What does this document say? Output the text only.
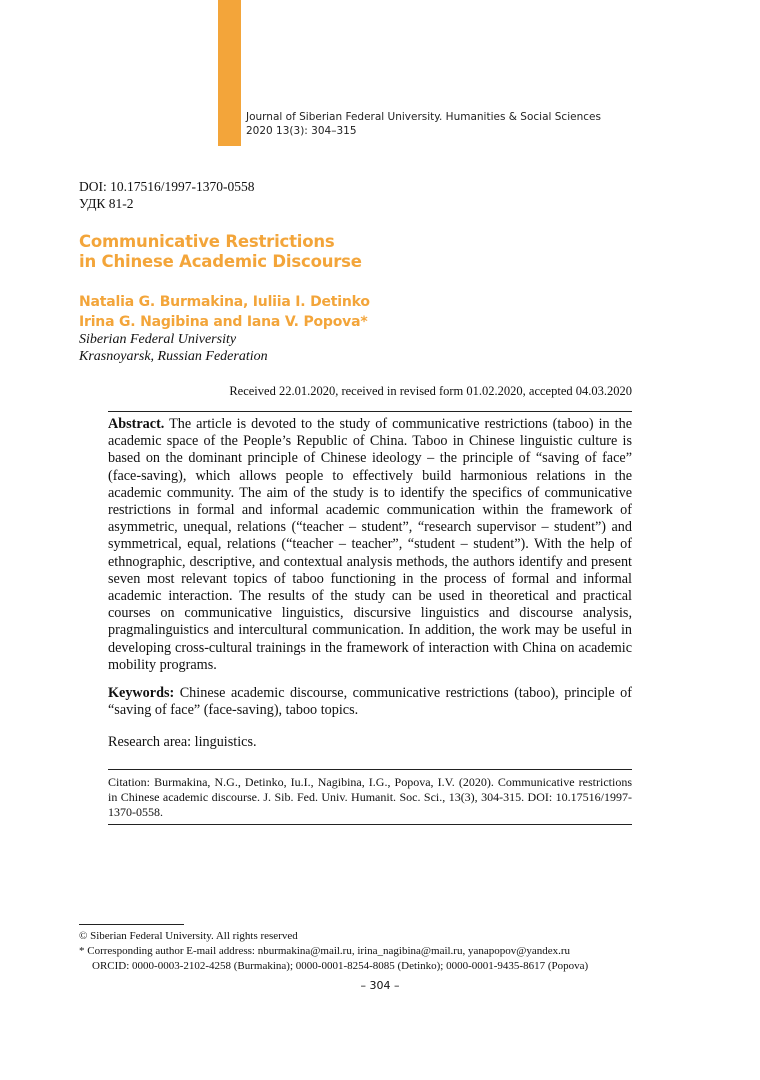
Journal of Siberian Federal University. Humanities & Social Sciences
2020 13(3): 304–315
DOI: 10.17516/1997-1370-0558
УДК 81-2
Communicative Restrictions
in Chinese Academic Discourse
Natalia G. Burmakina, Iuliia I. Detinko
Irina G. Nagibina and Iana V. Popova*
Siberian Federal University
Krasnoyarsk, Russian Federation
Received 22.01.2020, received in revised form 01.02.2020, accepted 04.03.2020
Abstract. The article is devoted to the study of communicative restrictions (taboo) in the academic space of the People’s Republic of China. Taboo in Chinese linguistic culture is based on the dominant principle of Chinese ideology – the principle of “saving of face” (face-saving), which allows people to effectively build harmonious relations in the academic community. The aim of the study is to identify the specifics of communicative restrictions in formal and informal academic communication within the framework of asymmetric, unequal, relations (“teacher – student”, “research supervisor – student”) and symmetrical, equal, relations (“teacher – teacher”, “student – student”). With the help of ethnographic, descriptive, and contextual analysis methods, the authors identify and present seven most relevant topics of taboo functioning in the process of formal and informal academic interaction. The results of the study can be used in theoretical and practical courses on communicative linguistics, discursive linguistics and discourse analysis, pragmalinguistics and intercultural communication. In addition, the work may be useful in developing cross-cultural trainings in the framework of interaction with China on academic mobility programs.
Keywords: Chinese academic discourse, communicative restrictions (taboo), principle of “saving of face” (face-saving), taboo topics.
Research area: linguistics.
Citation: Burmakina, N.G., Detinko, Iu.I., Nagibina, I.G., Popova, I.V. (2020). Communicative restrictions in Chinese academic discourse. J. Sib. Fed. Univ. Humanit. Soc. Sci., 13(3), 304-315. DOI: 10.17516/1997-1370-0558.
© Siberian Federal University. All rights reserved
* Corresponding author E-mail address: nburmakina@mail.ru, irina_nagibina@mail.ru, yanapopov@yandex.ru
ORCID: 0000-0003-2102-4258 (Burmakina); 0000-0001-8254-8085 (Detinko); 0000-0001-9435-8617 (Popova)
– 304 –
